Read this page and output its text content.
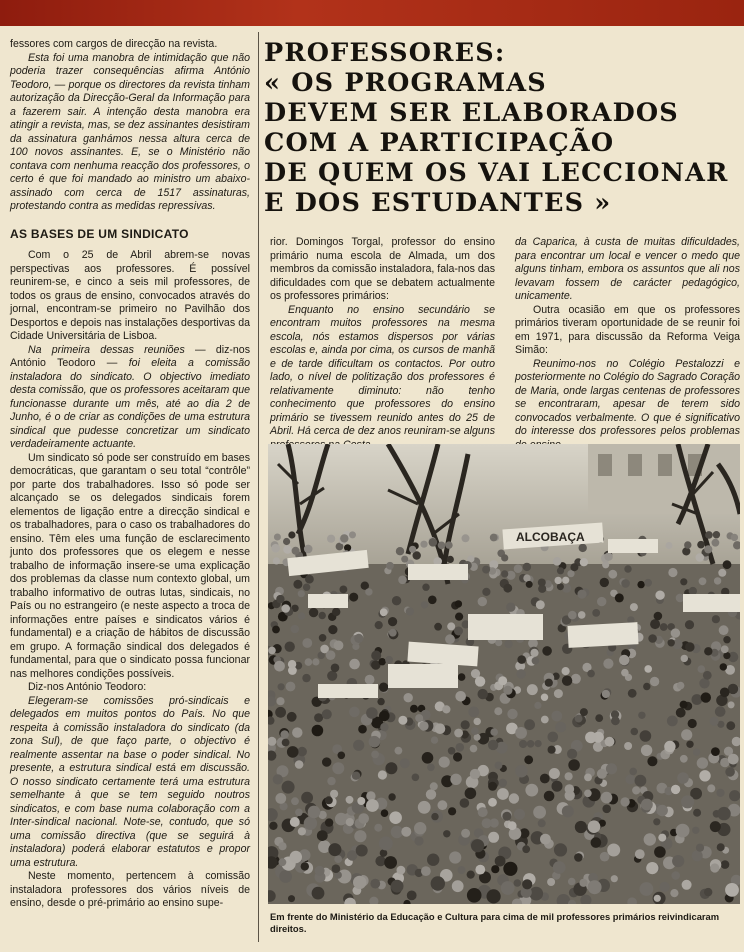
fessores com cargos de direcção na revista.

Esta foi uma manobra de intimidação que não poderia trazer consequências afirma António Teodoro, — porque os directores da revista tinham autorização da Direcção-Geral da Informação para a fazerem sair. A intenção desta manobra era atingir a revista, mas, se dez assinantes desistiram da assinatura ganhámos nessa altura cerca de 100 novos assinantes. E, se o Ministério não contava com nenhuma reacção dos professores, o certo é que foi mandado ao ministro um abaixo-assinado com cerca de 1517 assinaturas, protestando contra as medidas repressivas.

AS BASES DE UM SINDICATO

Com o 25 de Abril abrem-se novas perspectivas aos professores. É possível reunirem-se, e cinco a seis mil professores, de todos os graus de ensino, convocados através do jornal, encontram-se primeiro no Pavilhão dos Desportos e depois nas instalações desportivas da Cidade Universitária de Lisboa.

Na primeira dessas reuniões — diz-nos António Teodoro — foi eleita a comissão instaladora do sindicato. O objectivo imediato desta comissão, que os professores aceitaram que funcionasse durante um mês, até ao dia 2 de Junho, é o de criar as condições de uma estrutura sindical que pudesse concretizar um sindicato verdadeiramente actuante.

Um sindicato só pode ser construído em bases democráticas, que garantam o seu total “contrôle” por parte dos trabalhadores. Isso só pode ser alcançado se os delegados sindicais forem elementos de ligação entre a direcção sindical e os trabalhadores, para o caso os trabalhadores do ensino. Têm eles uma função de esclarecimento junto dos professores que os elegem e nesse trabalho de informação insere-se uma explicação dos problemas da classe num contexto global, um trabalho informativo de outras lutas, sindicais, no País ou no estrangeiro (e neste aspecto a troca de informações entre países e sindicatos vários é fundamental) e a criação de hábitos de discussão em grupo. A formação sindical dos delegados é fundamental, para que o sindicato possa funcionar nas melhores condições possíveis.

Diz-nos António Teodoro:

Elegeram-se comissões pró-sindicais e delegados em muitos pontos do País. No que respeita à comissão instaladora do sindicato (da zona Sul), de que faço parte, o objectivo é realmente assentar na base o poder sindical. No presente, a estrutura sindical está em discussão. O nosso sindicato certamente terá uma estrutura semelhante à que se tem seguido noutros sindicatos, e com base numa colaboração com a Inter-sindical nacional. Note-se, contudo, que só uma comissão directiva (que se seguirá à instaladora) poderá elaborar estatutos e propor uma estrutura.

Neste momento, pertencem à comissão instaladora professores dos vários níveis de ensino, desde o pré-primário ao ensino supe-

PROFESSORES:
« OS PROGRAMAS
DEVEM SER ELABORADOS
COM A PARTICIPAÇÃO
DE QUEM OS VAI LECCIONAR
E DOS ESTUDANTES »

rior. Domingos Torgal, professor do ensino primário numa escola de Almada, um dos membros da comissão instaladora, fala-nos das dificuldades com que se debatem actualmente os professores primários:

Enquanto no ensino secundário se encontram muitos professores na mesma escola, nós estamos dispersos por várias escolas e, ainda por cima, os cursos de manhã e de tarde dificultam os contactos. Por outro lado, o nível de politização dos professores é relativamente diminuto: não tenho conhecimento que professores do ensino primário se tivessem reunido antes do 25 de Abril. Há cerca de dez anos reuniram-se alguns

da Caparica, à custa de muitas dificuldades, para encontrar um local e vencer o medo que alguns tinham, embora os assuntos que ali nos levavam fossem de carácter pedagógico, unicamente.

Outra ocasião em que os professores primários tiveram oportunidade de se reunir foi em 1971, para discussão da Reforma Veiga Simão:

Reunimo-nos no Colégio Pestalozzi e posteriormente no Colégio do Sagrado Coração de Maria, onde largas centenas de professores se encontraram, apesar de terem sido convocados verbalmente. O que é significativo do interesse dos professores pelos problemas

ALCOBAÇA
Em frente do Ministério da Educação e Cultura para cima de mil professores primários reivindicaram direitos.
